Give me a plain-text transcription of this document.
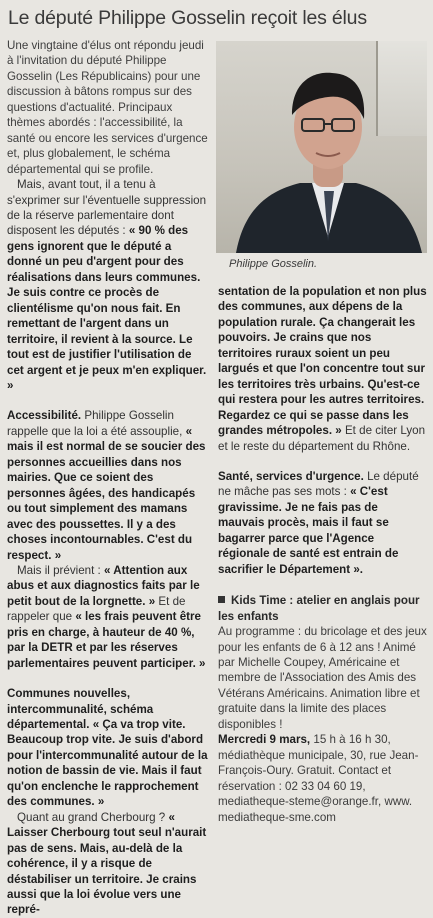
Le député Philippe Gosselin reçoit les élus

Une vingtaine d'élus ont répondu jeudi à l'invitation du député Philippe Gosselin (Les Républicains) pour une discussion à bâtons rompus sur des questions d'actualité. Principaux thèmes abordés : l'accessibilité, la santé ou encore les services d'urgence et, plus globalement, le schéma départemental qui se profile.

Mais, avant tout, il a tenu à s'exprimer sur l'éventuelle suppression de la réserve parlementaire dont disposent les députés : « 90 % des gens ignorent que le député a donné un peu d'argent pour des réalisations dans leurs communes. Je suis contre ce procès de clientélisme qu'on nous fait. En remettant de l'argent dans un territoire, il revient à la source. Le tout est de justifier l'utilisation de cet argent et je peux m'en expliquer. »

Accessibilité. Philippe Gosselin rappelle que la loi a été assouplie, « mais il est normal de se soucier des personnes accueillies dans nos mairies. Que ce soient des personnes âgées, des handicapés ou tout simplement des mamans avec des poussettes. Il y a des choses incontournables. C'est du respect. »

Mais il prévient : « Attention aux abus et aux diagnostics faits par le petit bout de la lorgnette. » Et de rappeler que « les frais peuvent être pris en charge, à hauteur de 40 %, par la DETR et par les réserves parlementaires peuvent participer. »

Communes nouvelles, intercommunalité, schéma départemental. « Ça va trop vite. Beaucoup trop vite. Je suis d'abord pour l'intercommunalité autour de la notion de bassin de vie. Mais il faut qu'on enclenche le rapprochement des communes. »

Quant au grand Cherbourg ? « Laisser Cherbourg tout seul n'aurait pas de sens. Mais, au-delà de la cohérence, il y a risque de déstabiliser un territoire. Je crains aussi que la loi évolue vers une repré-

Philippe Gosselin.

sentation de la population et non plus des communes, aux dépens de la population rurale. Ça changerait les pouvoirs. Je crains que nos territoires ruraux soient un peu largués et que l'on concentre tout sur les territoires très urbains. Qu'est-ce qui restera pour les autres territoires. Regardez ce qui se passe dans les grandes métropoles. » Et de citer Lyon et le reste du département du Rhône.

Santé, services d'urgence. Le député ne mâche pas ses mots : « C'est gravissime. Je ne fais pas de mauvais procès, mais il faut se bagarrer parce que l'Agence régionale de santé est entrain de sacrifier le Département ».

Kids Time : atelier en anglais pour les enfants

Au programme : du bricolage et des jeux pour les enfants de 6 à 12 ans ! Animé par Michelle Coupey, Américaine et membre de l'Association des Amis des Vétérans Américains. Animation libre et gratuite dans la limite des places disponibles !

Mercredi 9 mars, 15 h à 16 h 30, médiathèque municipale, 30, rue Jean-François-Oury. Gratuit. Contact et réservation : 02 33 04 60 19, mediatheque-steme@orange.fr, www. mediatheque-sme.com
